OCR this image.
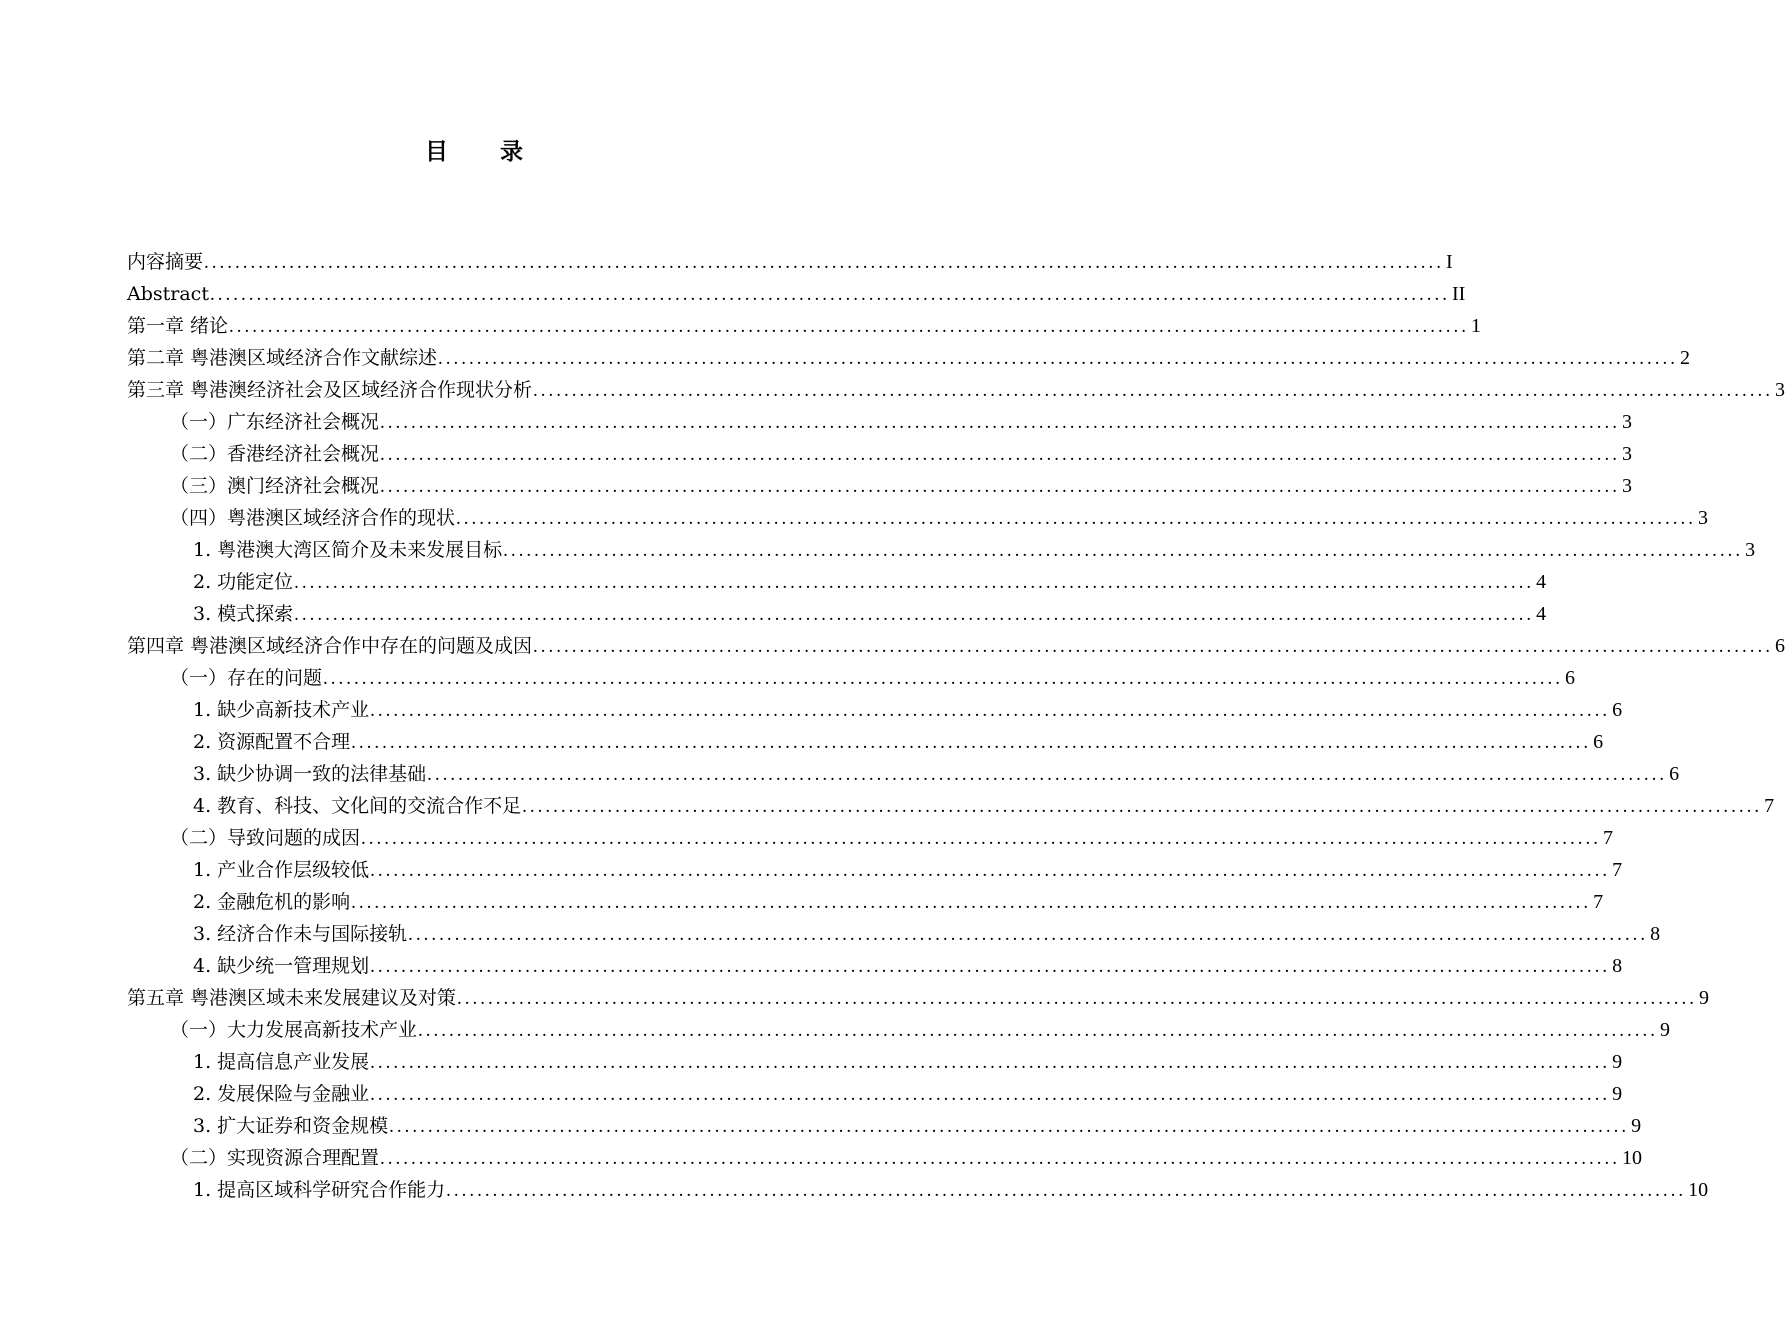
目　　录
内容摘要 ................................................................................................................................................................ I
Abstract ................................................................................................................................................................ II
第一章 绪论 ................................................................................................................................................................ 1
第二章 粤港澳区域经济合作文献综述 ................................................................................................................................................................ 2
第三章 粤港澳经济社会及区域经济合作现状分析 ................................................................................................................................................................ 3
（一）广东经济社会概况 ................................................................................................................................................................ 3
（二）香港经济社会概况 ................................................................................................................................................................ 3
（三）澳门经济社会概况 ................................................................................................................................................................ 3
（四）粤港澳区域经济合作的现状 ................................................................................................................................................................ 3
1. 粤港澳大湾区简介及未来发展目标 ................................................................................................................................................................ 3
2. 功能定位 ................................................................................................................................................................ 4
3. 模式探索 ................................................................................................................................................................ 4
第四章 粤港澳区域经济合作中存在的问题及成因 ................................................................................................................................................................ 6
（一）存在的问题 ................................................................................................................................................................ 6
1. 缺少高新技术产业 ................................................................................................................................................................ 6
2. 资源配置不合理 ................................................................................................................................................................ 6
3. 缺少协调一致的法律基础 ................................................................................................................................................................ 6
4. 教育、科技、文化间的交流合作不足 ................................................................................................................................................................ 7
（二）导致问题的成因 ................................................................................................................................................................ 7
1. 产业合作层级较低 ................................................................................................................................................................ 7
2. 金融危机的影响 ................................................................................................................................................................ 7
3. 经济合作未与国际接轨 ................................................................................................................................................................ 8
4. 缺少统一管理规划 ................................................................................................................................................................ 8
第五章 粤港澳区域未来发展建议及对策 ................................................................................................................................................................ 9
（一）大力发展高新技术产业 ................................................................................................................................................................ 9
1. 提高信息产业发展 ................................................................................................................................................................ 9
2. 发展保险与金融业 ................................................................................................................................................................ 9
3. 扩大证券和资金规模 ................................................................................................................................................................ 9
（二）实现资源合理配置 ................................................................................................................................................................ 10
1. 提高区域科学研究合作能力 ................................................................................................................................................................ 10
